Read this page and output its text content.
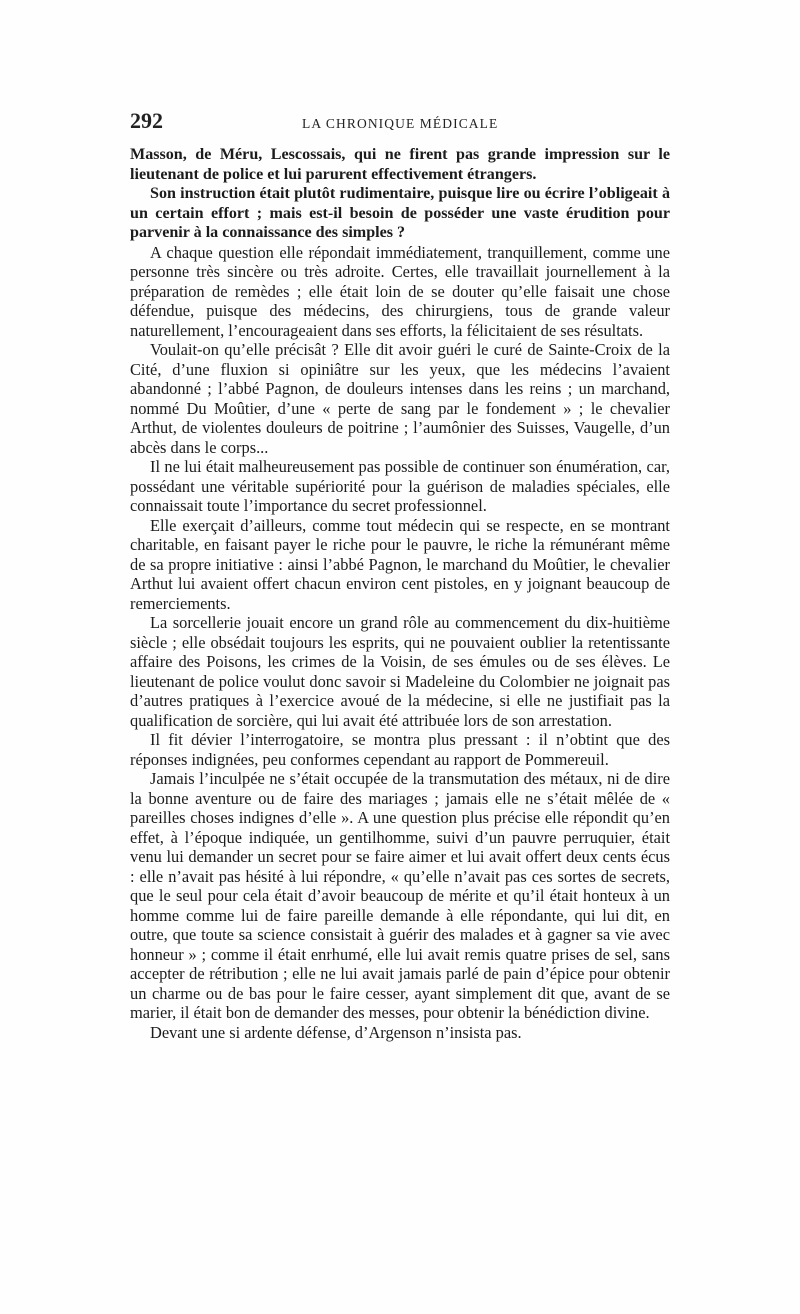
292	LA CHRONIQUE MÉDICALE

Masson, de Méru, Lescossais, qui ne firent pas grande impression sur le lieutenant de police et lui parurent effectivement étrangers.

Son instruction était plutôt rudimentaire, puisque lire ou écrire l’obligeait à un certain effort ; mais est-il besoin de posséder une vaste érudition pour parvenir à la connaissance des simples ?

A chaque question elle répondait immédiatement, tranquillement, comme une personne très sincère ou très adroite. Certes, elle travaillait journellement à la préparation de remèdes ; elle était loin de se douter qu’elle faisait une chose défendue, puisque des médecins, des chirurgiens, tous de grande valeur naturellement, l’encourageaient dans ses efforts, la félicitaient de ses résultats.

Voulait-on qu’elle précisât ? Elle dit avoir guéri le curé de Sainte-Croix de la Cité, d’une fluxion si opiniâtre sur les yeux, que les médecins l’avaient abandonné ; l’abbé Pagnon, de douleurs intenses dans les reins ; un marchand, nommé Du Moûtier, d’une « perte de sang par le fondement » ; le chevalier Arthut, de violentes douleurs de poitrine ; l’aumônier des Suisses, Vaugelle, d’un abcès dans le corps...

Il ne lui était malheureusement pas possible de continuer son énumération, car, possédant une véritable supériorité pour la guérison de maladies spéciales, elle connaissait toute l’importance du secret professionnel.

Elle exerçait d’ailleurs, comme tout médecin qui se respecte, en se montrant charitable, en faisant payer le riche pour le pauvre, le riche la rémunérant même de sa propre initiative : ainsi l’abbé Pagnon, le marchand du Moûtier, le chevalier Arthut lui avaient offert chacun environ cent pistoles, en y joignant beaucoup de remerciements.

La sorcellerie jouait encore un grand rôle au commencement du dix-huitième siècle ; elle obsédait toujours les esprits, qui ne pouvaient oublier la retentissante affaire des Poisons, les crimes de la Voisin, de ses émules ou de ses élèves. Le lieutenant de police voulut donc savoir si Madeleine du Colombier ne joignait pas d’autres pratiques à l’exercice avoué de la médecine, si elle ne justifiait pas la qualification de sorcière, qui lui avait été attribuée lors de son arrestation.

Il fit dévier l’interrogatoire, se montra plus pressant : il n’obtint que des réponses indignées, peu conformes cependant au rapport de Pommereuil.

Jamais l’inculpée ne s’était occupée de la transmutation des métaux, ni de dire la bonne aventure ou de faire des mariages ; jamais elle ne s’était mêlée de « pareilles choses indignes d’elle ». A une question plus précise elle répondit qu’en effet, à l’époque indiquée, un gentilhomme, suivi d’un pauvre perruquier, était venu lui demander un secret pour se faire aimer et lui avait offert deux cents écus : elle n’avait pas hésité à lui répondre, « qu’elle n’avait pas ces sortes de secrets, que le seul pour cela était d’avoir beaucoup de mérite et qu’il était honteux à un homme comme lui de faire pareille demande à elle répondante, qui lui dit, en outre, que toute sa science consistait à guérir des malades et à gagner sa vie avec honneur » ; comme il était enrhumé, elle lui avait remis quatre prises de sel, sans accepter de rétribution ; elle ne lui avait jamais parlé de pain d’épice pour obtenir un charme ou de bas pour le faire cesser, ayant simplement dit que, avant de se marier, il était bon de demander des messes, pour obtenir la bénédiction divine.

Devant une si ardente défense, d’Argenson n’insista pas.
